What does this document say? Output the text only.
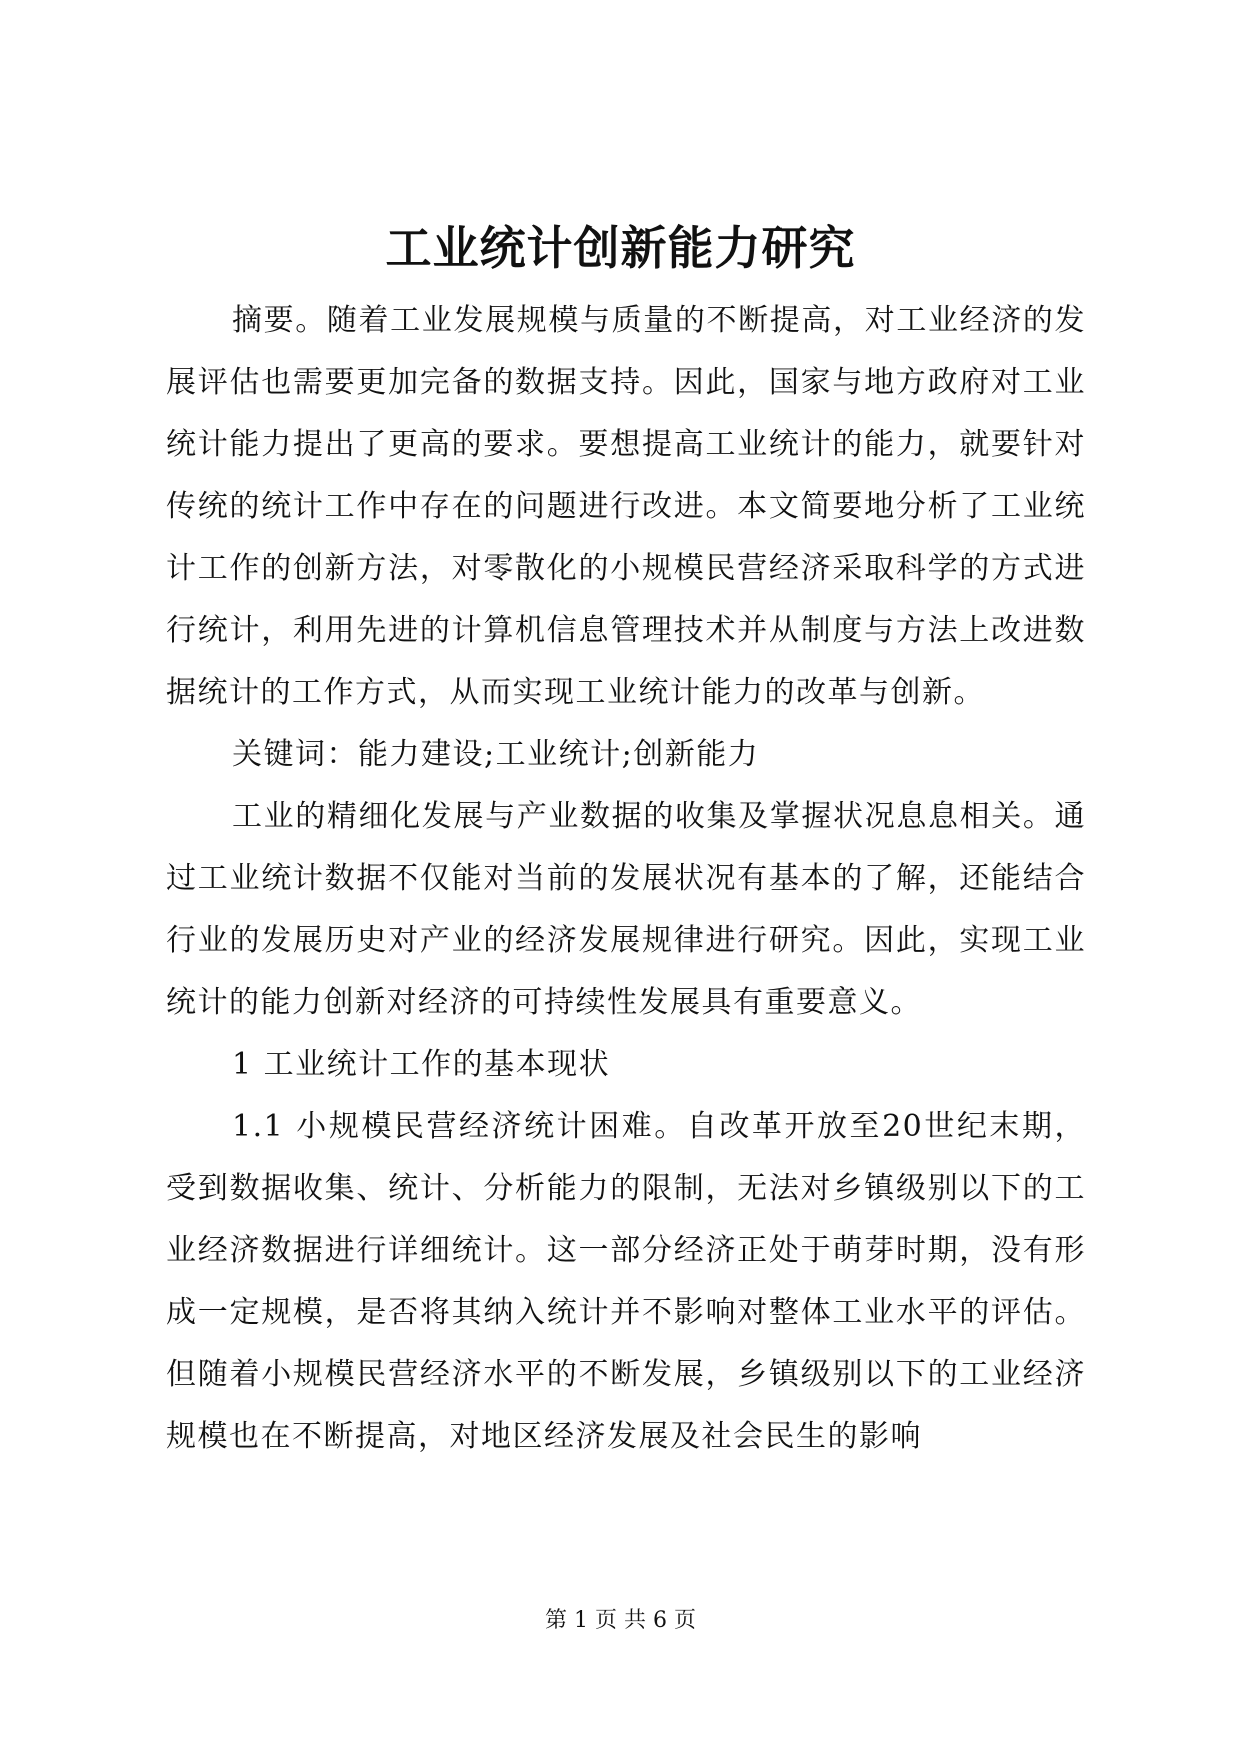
工业统计创新能力研究

摘要。随着工业发展规模与质量的不断提高，对工业经济的发展评估也需要更加完备的数据支持。因此，国家与地方政府对工业统计能力提出了更高的要求。要想提高工业统计的能力，就要针对传统的统计工作中存在的问题进行改进。本文简要地分析了工业统计工作的创新方法，对零散化的小规模民营经济采取科学的方式进行统计，利用先进的计算机信息管理技术并从制度与方法上改进数据统计的工作方式，从而实现工业统计能力的改革与创新。

关键词：能力建设;工业统计;创新能力

工业的精细化发展与产业数据的收集及掌握状况息息相关。通过工业统计数据不仅能对当前的发展状况有基本的了解，还能结合行业的发展历史对产业的经济发展规律进行研究。因此，实现工业统计的能力创新对经济的可持续性发展具有重要意义。

1 工业统计工作的基本现状

1.1 小规模民营经济统计困难。自改革开放至20世纪末期，受到数据收集、统计、分析能力的限制，无法对乡镇级别以下的工业经济数据进行详细统计。这一部分经济正处于萌芽时期，没有形成一定规模，是否将其纳入统计并不影响对整体工业水平的评估。但随着小规模民营经济水平的不断发展，乡镇级别以下的工业经济规模也在不断提高，对地区经济发展及社会民生的影响

第 1 页 共 6 页
